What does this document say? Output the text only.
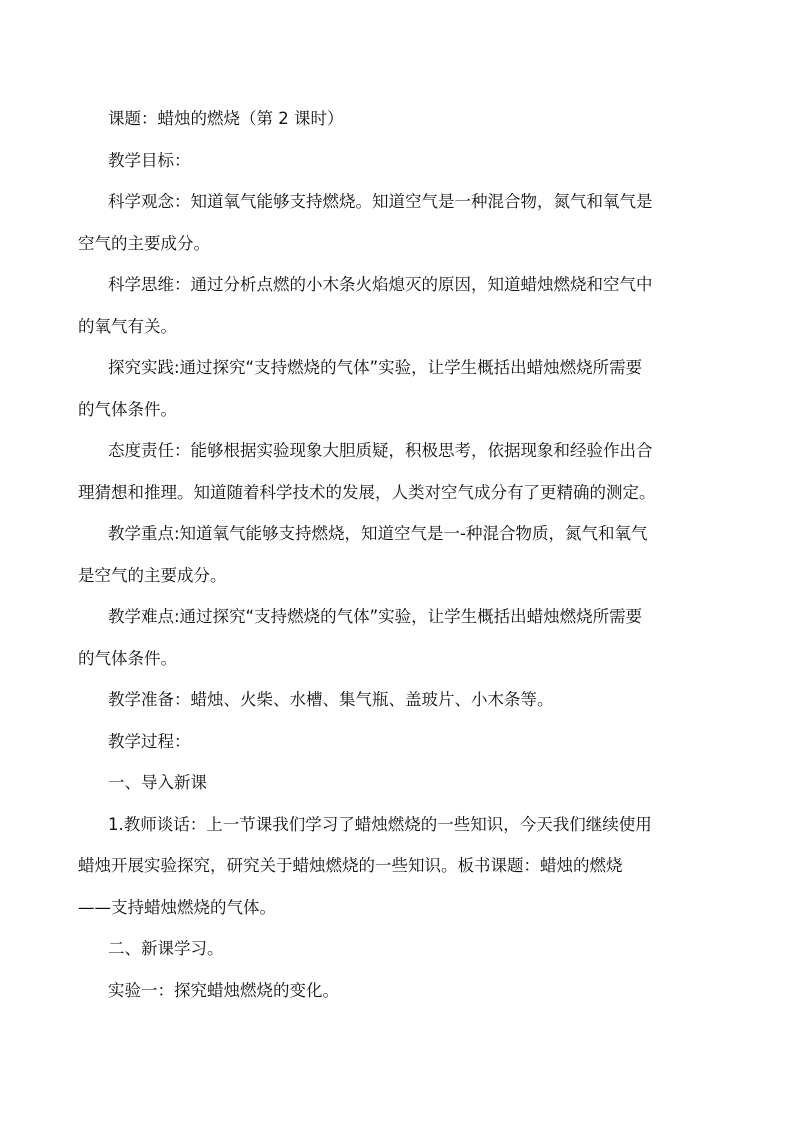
课题：蜡烛的燃烧（第 2 课时）

教学目标：

科学观念：知道氧气能够支持燃烧。知道空气是一种混合物，氮气和氧气是
空气的主要成分。

科学思维：通过分析点燃的小木条火焰熄灭的原因，知道蜡烛燃烧和空气中
的氧气有关。

探究实践:通过探究“支持燃烧的气体”实验，让学生概括出蜡烛燃烧所需要
的气体条件。

态度责任：能够根据实验现象大胆质疑，积极思考，依据现象和经验作出合
理猜想和推理。知道随着科学技术的发展，人类对空气成分有了更精确的测定。

教学重点:知道氧气能够支持燃烧，知道空气是一-种混合物质，氮气和氧气
是空气的主要成分。

教学难点:通过探究“支持燃烧的气体”实验，让学生概括出蜡烛燃烧所需要
的气体条件。

教学准备：蜡烛、火柴、水槽、集气瓶、盖玻片、小木条等。

教学过程：

一、导入新课

1.教师谈话：上一节课我们学习了蜡烛燃烧的一些知识，今天我们继续使用
蜡烛开展实验探究，研究关于蜡烛燃烧的一些知识。板书课题：蜡烛的燃烧
——支持蜡烛燃烧的气体。

二、新课学习。

实验一：探究蜡烛燃烧的变化。
